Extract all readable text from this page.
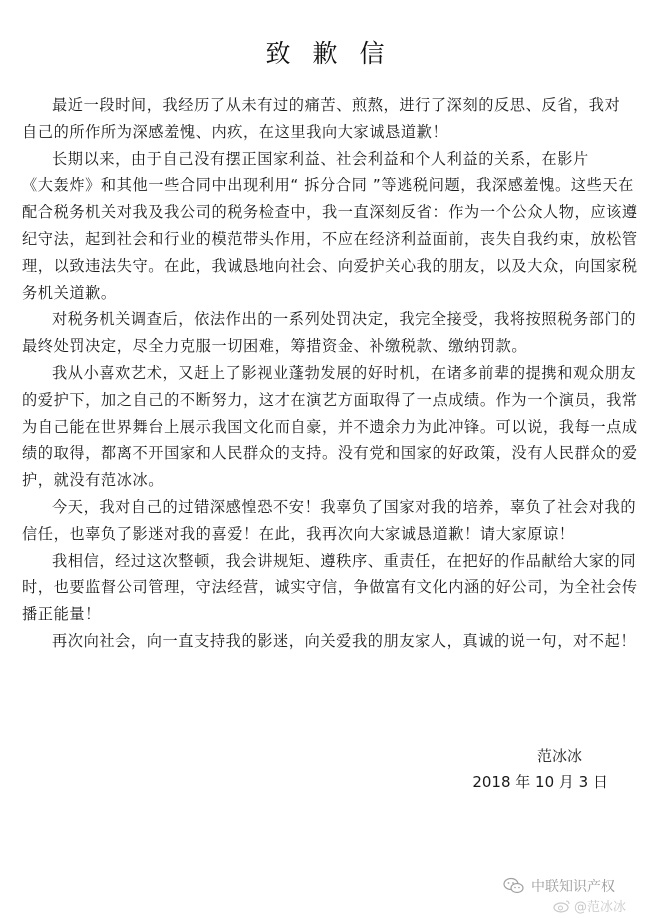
致歉信
最近一段时间，我经历了从未有过的痛苦、煎熬，进行了深刻的反思、反省，我对
自己的所作所为深感羞愧、内疚，在这里我向大家诚恳道歉！
长期以来，由于自己没有摆正国家利益、社会利益和个人利益的关系，在影片
《大轰炸》和其他一些合同中出现利用“ 拆分合同 ”等逃税问题，我深感羞愧。这些天在
配合税务机关对我及我公司的税务检查中，我一直深刻反省：作为一个公众人物，应该遵
纪守法，起到社会和行业的模范带头作用，不应在经济利益面前，丧失自我约束，放松管
理，以致违法失守。在此，我诚恳地向社会、向爱护关心我的朋友，以及大众，向国家税
务机关道歉。
对税务机关调查后，依法作出的一系列处罚决定，我完全接受，我将按照税务部门的
最终处罚决定，尽全力克服一切困难，筹措资金、补缴税款、缴纳罚款。
我从小喜欢艺术，又赶上了影视业蓬勃发展的好时机，在诸多前辈的提携和观众朋友
的爱护下，加之自己的不断努力，这才在演艺方面取得了一点成绩。作为一个演员，我常
为自己能在世界舞台上展示我国文化而自豪，并不遗余力为此冲锋。可以说，我每一点成
绩的取得，都离不开国家和人民群众的支持。没有党和国家的好政策，没有人民群众的爱
护，就没有范冰冰。
今天，我对自己的过错深感惶恐不安！我辜负了国家对我的培养，辜负了社会对我的
信任，也辜负了影迷对我的喜爱！在此，我再次向大家诚恳道歉！请大家原谅！
我相信，经过这次整顿，我会讲规矩、遵秩序、重责任，在把好的作品献给大家的同
时，也要监督公司管理，守法经营，诚实守信，争做富有文化内涵的好公司，为全社会传
播正能量！
再次向社会，向一直支持我的影迷，向关爱我的朋友家人，真诚的说一句，对不起！
范冰冰
2018 年 10 月 3 日
中联知识产权
@范冰冰
